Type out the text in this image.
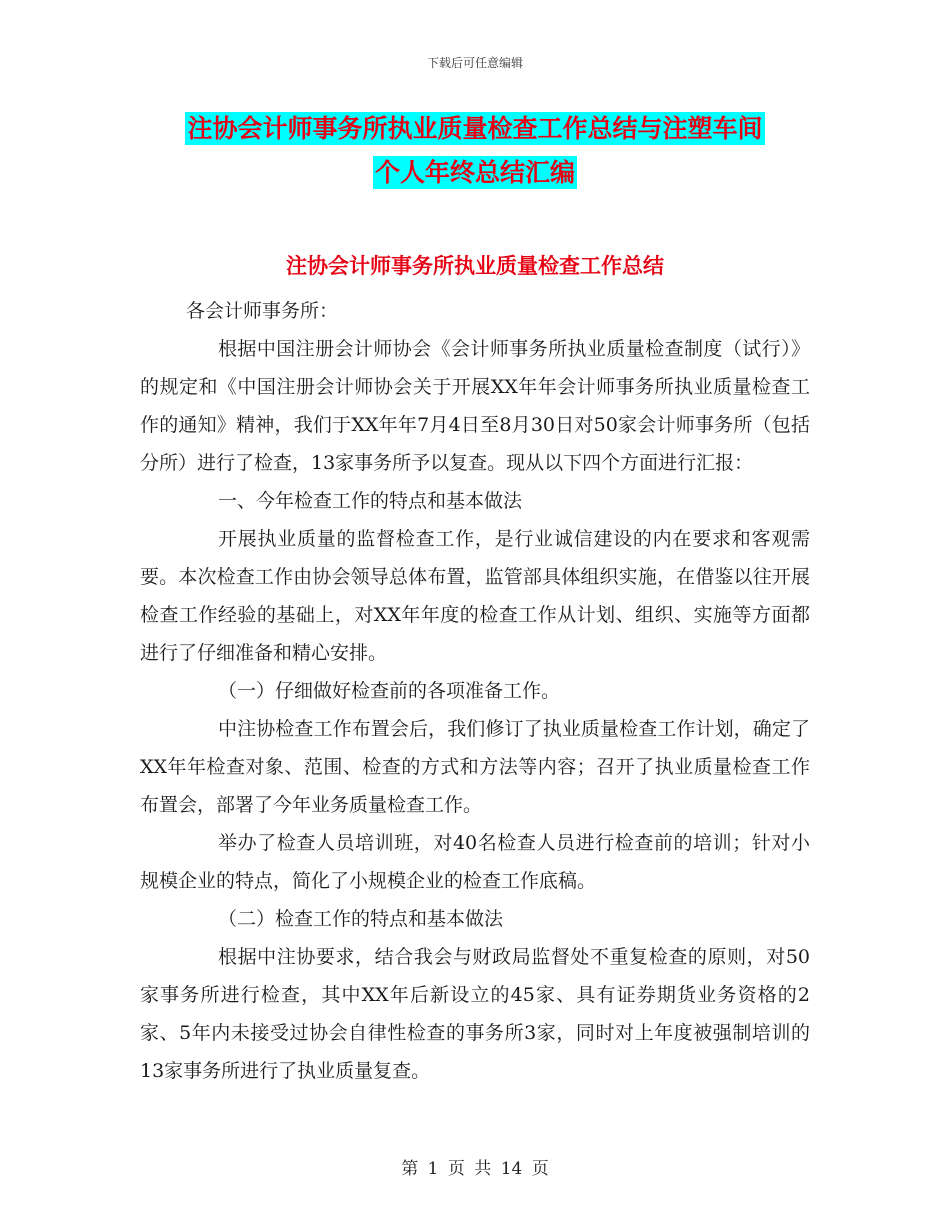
下载后可任意编辑
注协会计师事务所执业质量检查工作总结与注塑车间
个人年终总结汇编
注协会计师事务所执业质量检查工作总结

各会计师事务所：

根据中国注册会计师协会《会计师事务所执业质量检查制度（试行）》的规定和《中国注册会计师协会关于开展XX年年会计师事务所执业质量检查工作的通知》精神，我们于XX年年7月4日至8月30日对50家会计师事务所（包括分所）进行了检查，13家事务所予以复查。现从以下四个方面进行汇报：

一、今年检查工作的特点和基本做法

开展执业质量的监督检查工作，是行业诚信建设的内在要求和客观需要。本次检查工作由协会领导总体布置，监管部具体组织实施，在借鉴以往开展检查工作经验的基础上，对XX年年度的检查工作从计划、组织、实施等方面都进行了仔细准备和精心安排。

（一）仔细做好检查前的各项准备工作。

中注协检查工作布置会后，我们修订了执业质量检查工作计划，确定了XX年年检查对象、范围、检查的方式和方法等内容；召开了执业质量检查工作布置会，部署了今年业务质量检查工作。

举办了检查人员培训班，对40名检查人员进行检查前的培训；针对小规模企业的特点，简化了小规模企业的检查工作底稿。

（二）检查工作的特点和基本做法

根据中注协要求，结合我会与财政局监督处不重复检查的原则，对50家事务所进行检查，其中XX年后新设立的45家、具有证券期货业务资格的2家、5年内未接受过协会自律性检查的事务所3家，同时对上年度被强制培训的13家事务所进行了执业质量复查。

第 1 页 共 14 页
